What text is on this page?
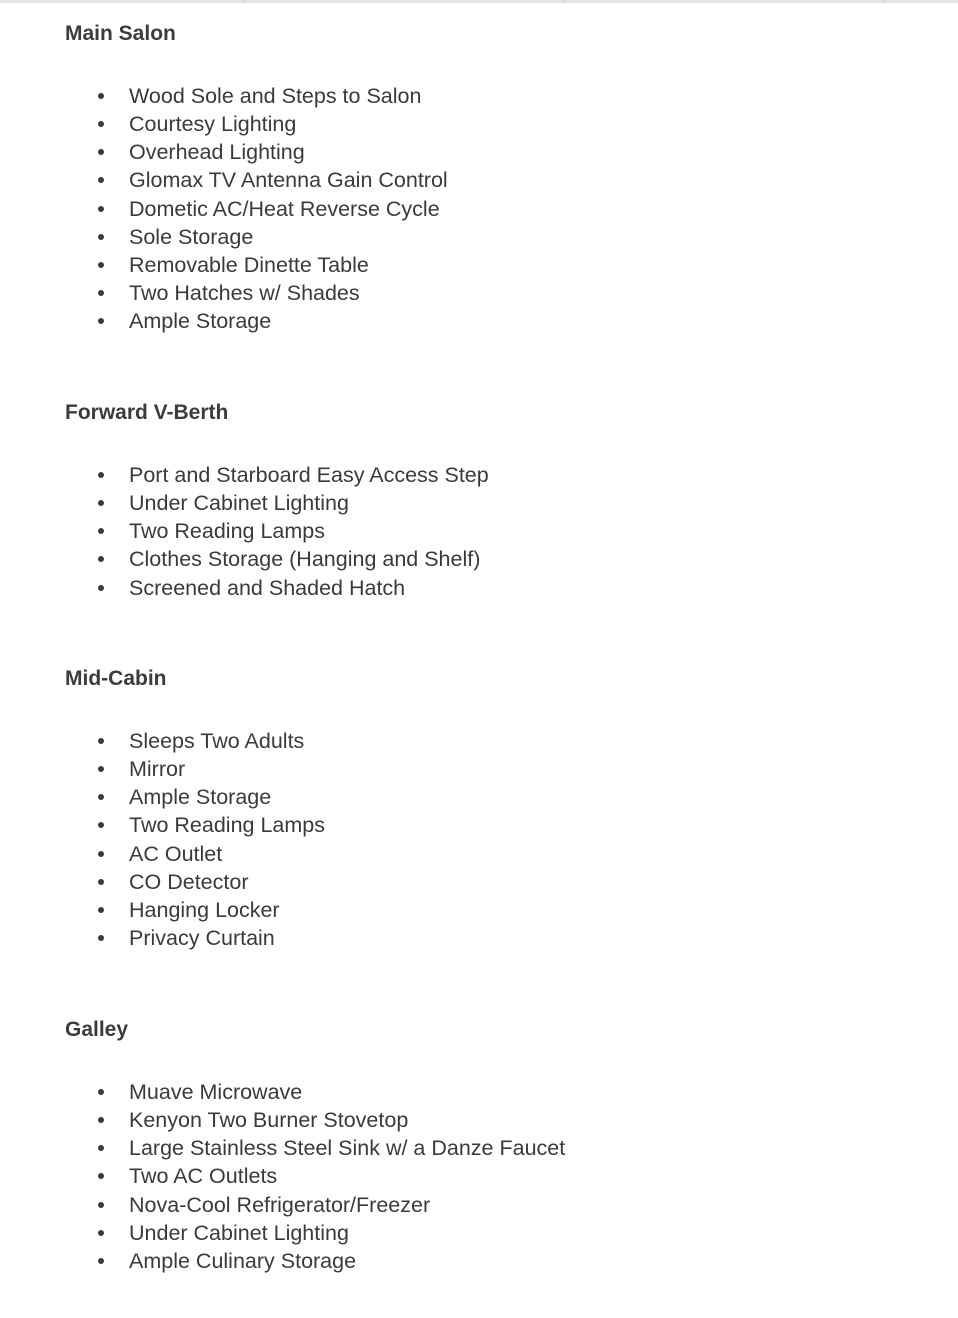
Main Salon
Wood Sole and Steps to Salon
Courtesy Lighting
Overhead Lighting
Glomax TV Antenna Gain Control
Dometic AC/Heat Reverse Cycle
Sole Storage
Removable Dinette Table
Two Hatches w/ Shades
Ample Storage
Forward V-Berth
Port and Starboard Easy Access Step
Under Cabinet Lighting
Two Reading Lamps
Clothes Storage (Hanging and Shelf)
Screened and Shaded Hatch
Mid-Cabin
Sleeps Two Adults
Mirror
Ample Storage
Two Reading Lamps
AC Outlet
CO Detector
Hanging Locker
Privacy Curtain
Galley
Muave Microwave
Kenyon Two Burner Stovetop
Large Stainless Steel Sink w/ a Danze Faucet
Two AC Outlets
Nova-Cool Refrigerator/Freezer
Under Cabinet Lighting
Ample Culinary Storage
